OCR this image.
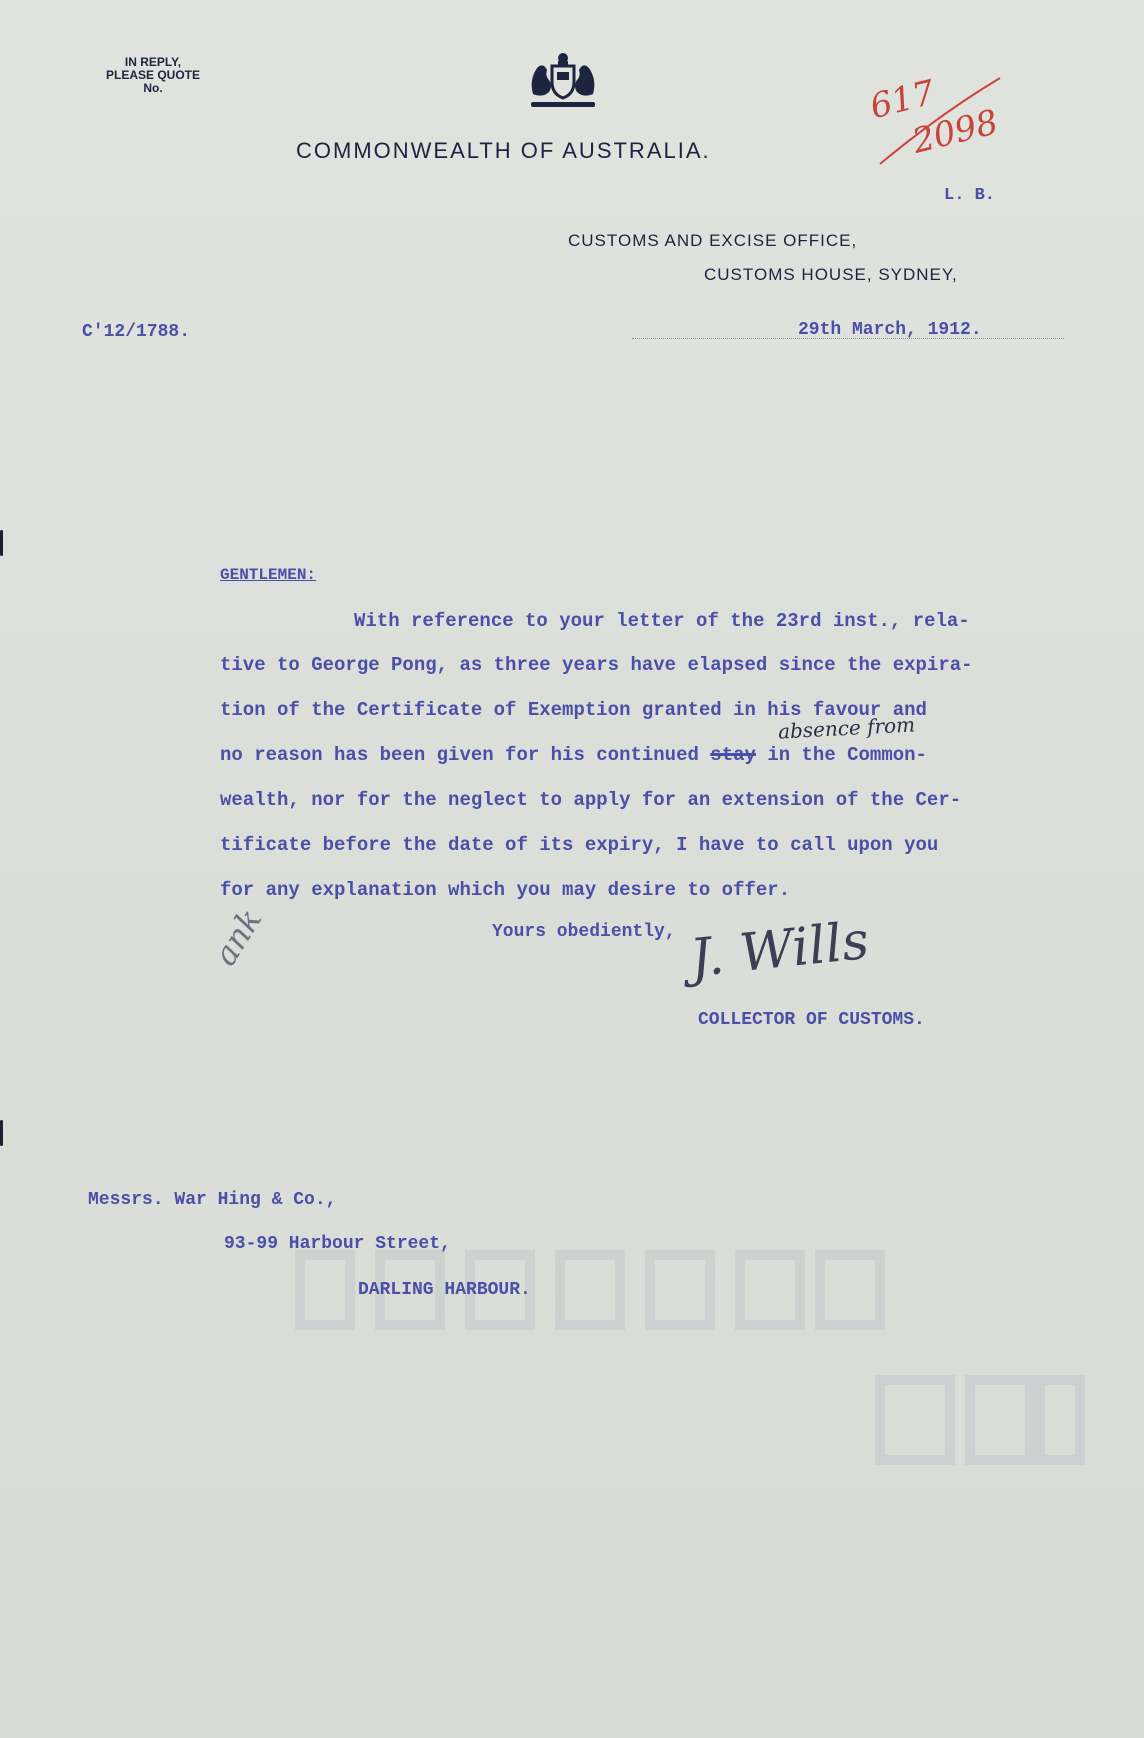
IN REPLY,
PLEASE QUOTE
No.
COMMONWEALTH OF AUSTRALIA.
CUSTOMS AND EXCISE OFFICE,
CUSTOMS HOUSE, SYDNEY,
617
2098
L. B.
C'12/1788.	29th March, 1912.
GENTLEMEN:
With reference to your letter of the 23rd inst., rela-
tive to George Pong, as three years have elapsed since the expira-
tion of the Certificate of Exemption granted in his favour and
absence from
no reason has been given for his continued stay in the Common-
wealth, nor for the neglect to apply for an extension of the Cer-
tificate before the date of its expiry, I have to call upon you
for any explanation which you may desire to offer.
Yours obediently,
ank	J. Wills
COLLECTOR OF CUSTOMS.
Messrs. War Hing & Co.,
93-99 Harbour Street,
DARLING HARBOUR.
